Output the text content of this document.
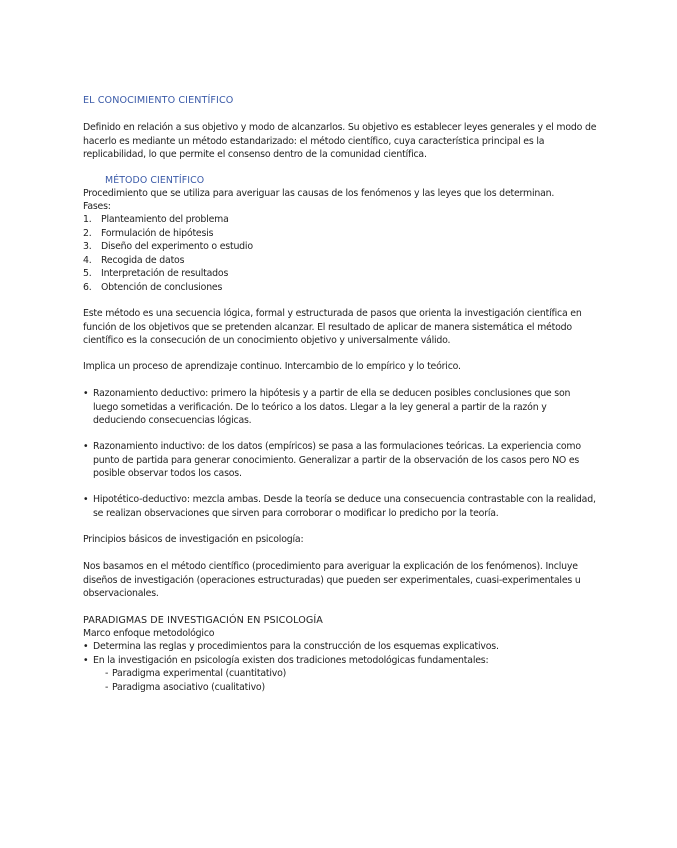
EL CONOCIMIENTO CIENTÍFICO
Definido en relación a sus objetivo y modo de alcanzarlos. Su objetivo es establecer leyes generales y el modo de hacerlo es mediante un método estandarizado: el método científico, cuya característica principal es la replicabilidad, lo que permite el consenso dentro de la comunidad científica.
MÉTODO CIENTÍFICO
Procedimiento que se utiliza para averiguar las causas de los fenómenos y las leyes que los determinan.
Fases:
1.	Planteamiento del problema
2.	Formulación de hipótesis
3.	Diseño del experimento o estudio
4.	Recogida de datos
5.	Interpretación de resultados
6.	Obtención de conclusiones
Este método es una secuencia lógica, formal y estructurada de pasos que orienta la investigación científica en función de los objetivos que se pretenden alcanzar. El resultado de aplicar de manera sistemática el método científico es la consecución de un conocimiento objetivo y universalmente válido.
Implica un proceso de aprendizaje continuo. Intercambio de lo empírico y lo teórico.
• Razonamiento deductivo: primero la hipótesis y a partir de ella se deducen posibles conclusiones que son luego sometidas a verificación. De lo teórico a los datos. Llegar a la ley general a partir de la razón y deduciendo consecuencias lógicas.
• Razonamiento inductivo: de los datos (empíricos) se pasa a las formulaciones teóricas. La experiencia como punto de partida para generar conocimiento. Generalizar a partir de la observación de los casos pero NO es posible observar todos los casos.
• Hipotético-deductivo: mezcla ambas. Desde la teoría se deduce una consecuencia contrastable con la realidad, se realizan observaciones que sirven para corroborar o modificar lo predicho por la teoría.
Principios básicos de investigación en psicología:
Nos basamos en el método científico (procedimiento para averiguar la explicación de los fenómenos). Incluye diseños de investigación (operaciones estructuradas) que pueden ser experimentales, cuasi-experimentales u observacionales.
PARADIGMAS DE INVESTIGACIÓN EN PSICOLOGÍA
Marco enfoque metodológico
• Determina las reglas y procedimientos para la construcción de los esquemas explicativos.
• En la investigación en psicología existen dos tradiciones metodológicas fundamentales:
- Paradigma experimental (cuantitativo)
- Paradigma asociativo (cualitativo)
